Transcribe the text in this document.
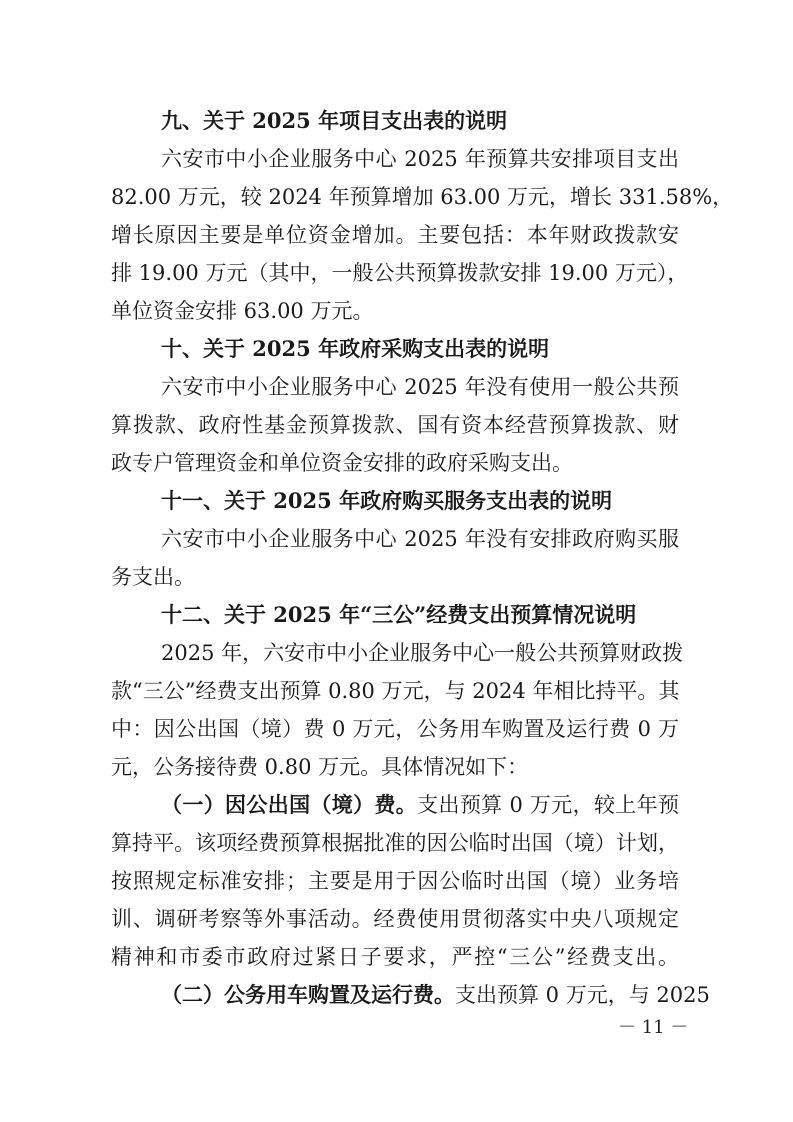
九、关于 2025 年项目支出表的说明
六安市中小企业服务中心 2025 年预算共安排项目支出
82.00 万元，较 2024 年预算增加 63.00 万元，增长 331.58%，
增长原因主要是单位资金增加。主要包括：本年财政拨款安
排 19.00 万元（其中，一般公共预算拨款安排 19.00 万元），
单位资金安排 63.00 万元。
十、关于 2025 年政府采购支出表的说明
六安市中小企业服务中心 2025 年没有使用一般公共预
算拨款、政府性基金预算拨款、国有资本经营预算拨款、财
政专户管理资金和单位资金安排的政府采购支出。
十一、关于 2025 年政府购买服务支出表的说明
六安市中小企业服务中心 2025 年没有安排政府购买服
务支出。
十二、关于 2025 年“三公”经费支出预算情况说明
2025 年，六安市中小企业服务中心一般公共预算财政拨
款“三公”经费支出预算 0.80 万元，与 2024 年相比持平。其
中：因公出国（境）费 0 万元，公务用车购置及运行费 0 万
元，公务接待费 0.80 万元。具体情况如下：
（一）因公出国（境）费。支出预算 0 万元，较上年预
算持平。该项经费预算根据批准的因公临时出国（境）计划，
按照规定标准安排；主要是用于因公临时出国（境）业务培
训、调研考察等外事活动。经费使用贯彻落实中央八项规定
精神和市委市政府过紧日子要求，严控“三公”经费支出。
（二）公务用车购置及运行费。支出预算 0 万元，与 2025
－ 11 －
